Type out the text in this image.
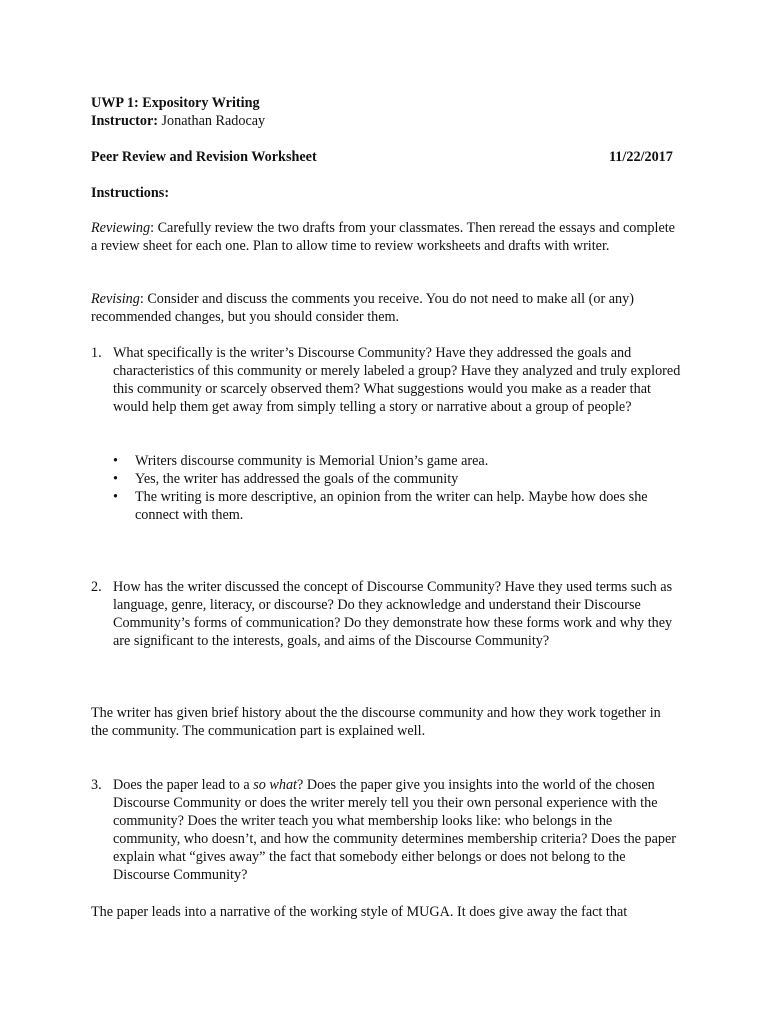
UWP 1: Expository Writing
Instructor: Jonathan Radocay
Peer Review and Revision Worksheet	11/22/2017
Instructions:
Reviewing: Carefully review the two drafts from your classmates. Then reread the essays and complete a review sheet for each one. Plan to allow time to review worksheets and drafts with writer.
Revising: Consider and discuss the comments you receive. You do not need to make all (or any) recommended changes, but you should consider them.
1. What specifically is the writer’s Discourse Community? Have they addressed the goals and characteristics of this community or merely labeled a group? Have they analyzed and truly explored this community or scarcely observed them? What suggestions would you make as a reader that would help them get away from simply telling a story or narrative about a group of people?
• Writers discourse community is Memorial Union’s game area.
• Yes, the writer has addressed the goals of the community
• The writing is more descriptive, an opinion from the writer can help. Maybe how does she connect with them.
2. How has the writer discussed the concept of Discourse Community? Have they used terms such as language, genre, literacy, or discourse? Do they acknowledge and understand their Discourse Community’s forms of communication? Do they demonstrate how these forms work and why they are significant to the interests, goals, and aims of the Discourse Community?
The writer has given brief history about the the discourse community and how they work together in the community. The communication part is explained well.
3. Does the paper lead to a so what? Does the paper give you insights into the world of the chosen Discourse Community or does the writer merely tell you their own personal experience with the community? Does the writer teach you what membership looks like: who belongs in the community, who doesn’t, and how the community determines membership criteria? Does the paper explain what “gives away” the fact that somebody either belongs or does not belong to the Discourse Community?
The paper leads into a narrative of the working style of MUGA. It does give away the fact that
